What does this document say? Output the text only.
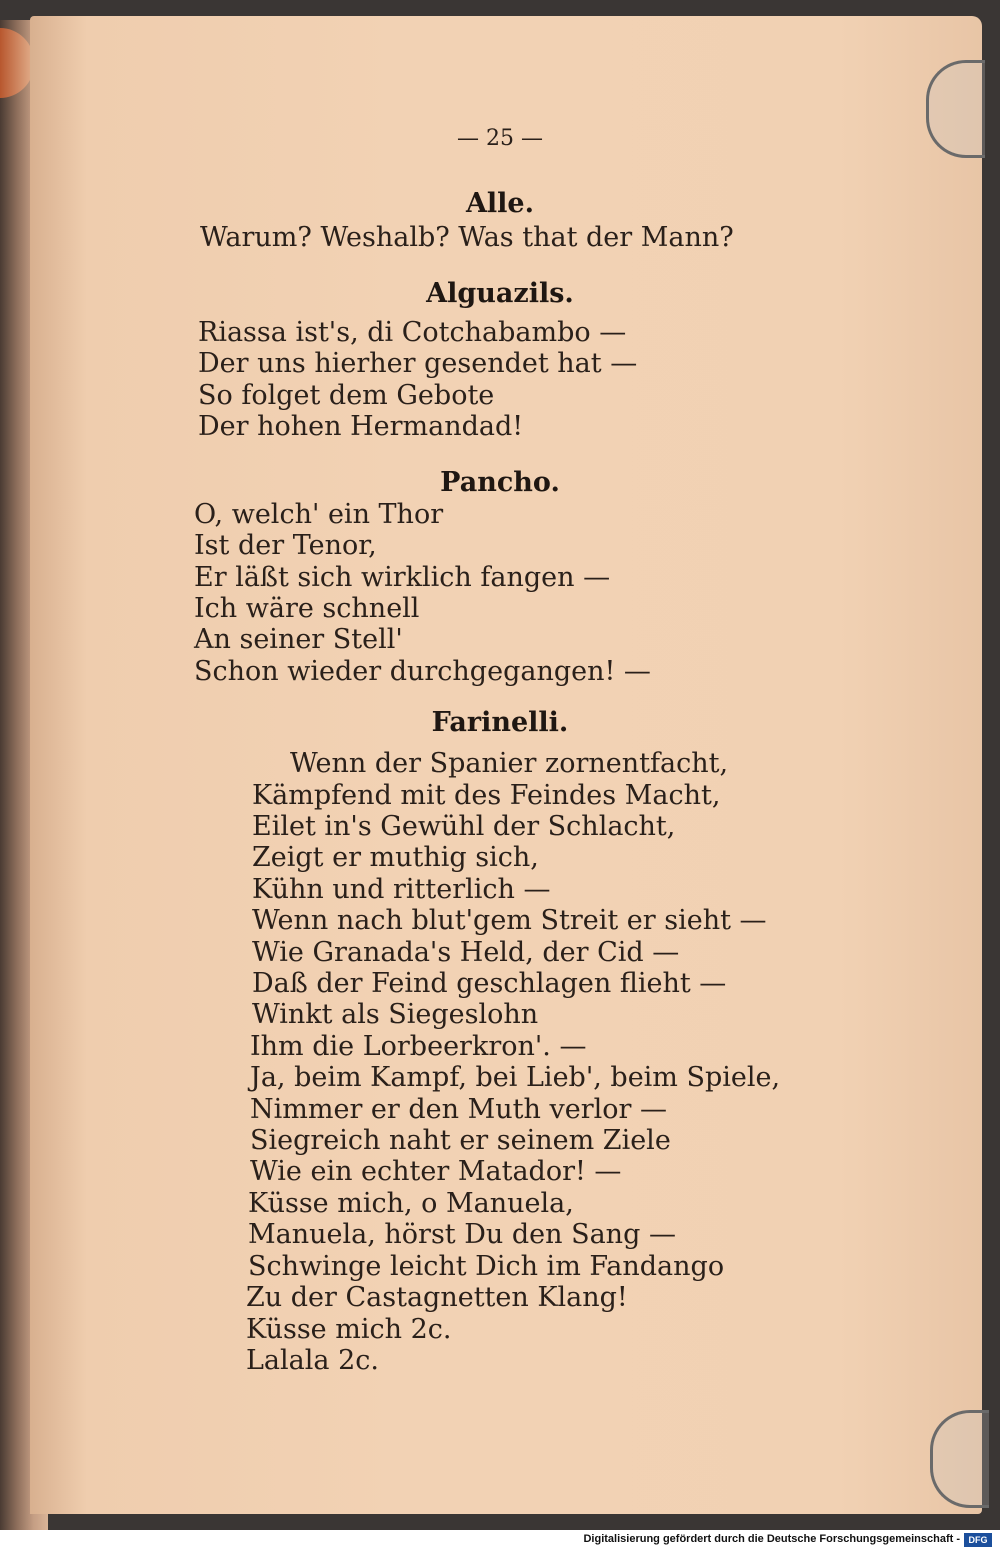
— 25 —
Alle.
Warum? Weshalb? Was that der Mann?
Alguazils.
Riassa ist's, di Cotchabambo —
Der uns hierher gesendet hat —
So folget dem Gebote
Der hohen Hermandad!
Pancho.
O, welch' ein Thor
Ist der Tenor,
Er läßt sich wirklich fangen —
Ich wäre schnell
An seiner Stell'
Schon wieder durchgegangen! —
Farinelli.
Wenn der Spanier zornentfacht,
Kämpfend mit des Feindes Macht,
Eilet in's Gewühl der Schlacht,
Zeigt er muthig sich,
Kühn und ritterlich —
Wenn nach blut'gem Streit er sieht —
Wie Granada's Held, der Cid —
Daß der Feind geschlagen flieht —
Winkt als Siegeslohn
Ihm die Lorbeerkron'. —
Ja, beim Kampf, bei Lieb', beim Spiele,
Nimmer er den Muth verlor —
Siegreich naht er seinem Ziele
Wie ein echter Matador! —
Küsse mich, o Manuela,
Manuela, hörst Du den Sang —
Schwinge leicht Dich im Fandango
Zu der Castagnetten Klang!
Küsse mich 2c.
Lalala 2c.
Digitalisierung gefördert durch die Deutsche Forschungsgemeinschaft - DFG
